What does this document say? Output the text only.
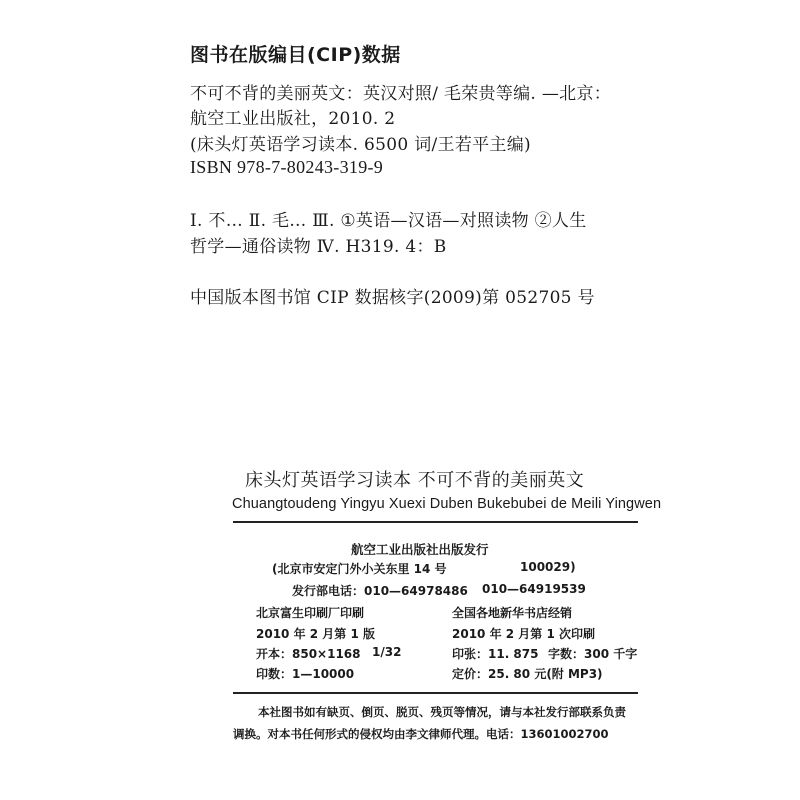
图书在版编目(CIP)数据
不可不背的美丽英文：英汉对照/ 毛荣贵等编. —北京：
航空工业出版社，2010. 2
(床头灯英语学习读本. 6500 词/王若平主编)
ISBN 978-7-80243-319-9
Ⅰ. 不… Ⅱ. 毛… Ⅲ. ①英语—汉语—对照读物 ②人生
哲学—通俗读物 Ⅳ. H319. 4：B
中国版本图书馆 CIP 数据核字(2009)第 052705 号
床头灯英语学习读本 不可不背的美丽英文
Chuangtoudeng Yingyu Xuexi Duben Bukebubei de Meili Yingwen
航空工业出版社出版发行
(北京市安定门外小关东里 14 号	100029)
发行部电话：010—64978486 010—64919539
北京富生印刷厂印刷	全国各地新华书店经销
2010 年 2 月第 1 版	2010 年 2 月第 1 次印刷
开本：850×1168 1/32	印张：11. 875 字数：300 千字
印数：1—10000	定价：25. 80 元(附 MP3)
本社图书如有缺页、倒页、脱页、残页等情况，请与本社发行部联系负责
调换。对本书任何形式的侵权均由李文律师代理。电话：13601002700
